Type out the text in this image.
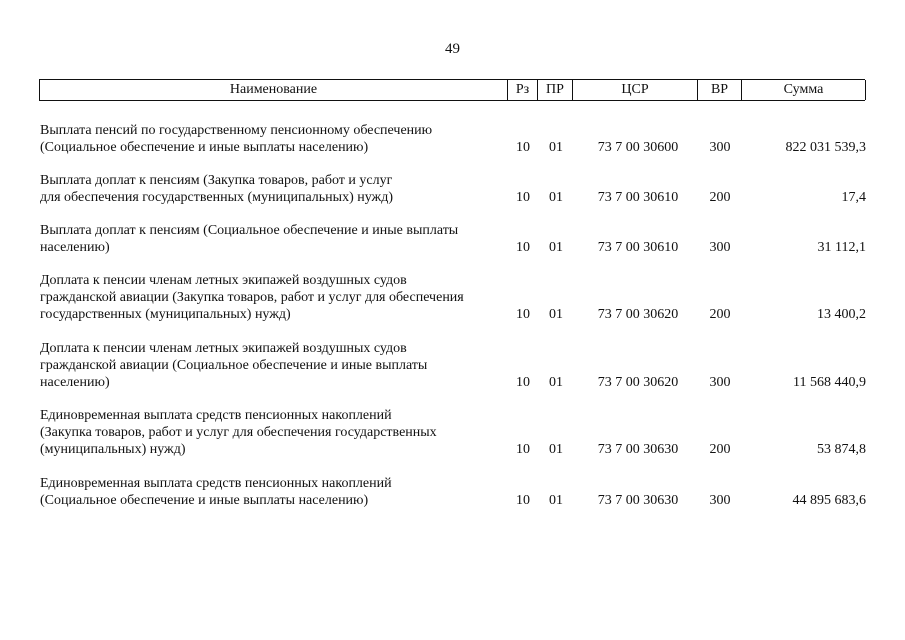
49
Наименование	Рз	ПР	ЦСР	ВР	Сумма
Выплата пенсий по государственному пенсионному обеспечению
(Социальное обеспечение и иные выплаты населению)	10	01	73 7 00 30600	300	822 031 539,3
Выплата доплат к пенсиям (Закупка товаров, работ и услуг
для обеспечения государственных (муниципальных) нужд)	10	01	73 7 00 30610	200	17,4
Выплата доплат к пенсиям (Социальное обеспечение и иные выплаты
населению)	10	01	73 7 00 30610	300	31 112,1
Доплата к пенсии членам летных экипажей воздушных судов
гражданской авиации (Закупка товаров, работ и услуг для обеспечения
государственных (муниципальных) нужд)	10	01	73 7 00 30620	200	13 400,2
Доплата к пенсии членам летных экипажей воздушных судов
гражданской авиации (Социальное обеспечение и иные выплаты
населению)	10	01	73 7 00 30620	300	11 568 440,9
Единовременная выплата средств пенсионных накоплений
(Закупка товаров, работ и услуг для обеспечения государственных
(муниципальных) нужд)	10	01	73 7 00 30630	200	53 874,8
Единовременная выплата средств пенсионных накоплений
(Социальное обеспечение и иные выплаты населению)	10	01	73 7 00 30630	300	44 895 683,6
